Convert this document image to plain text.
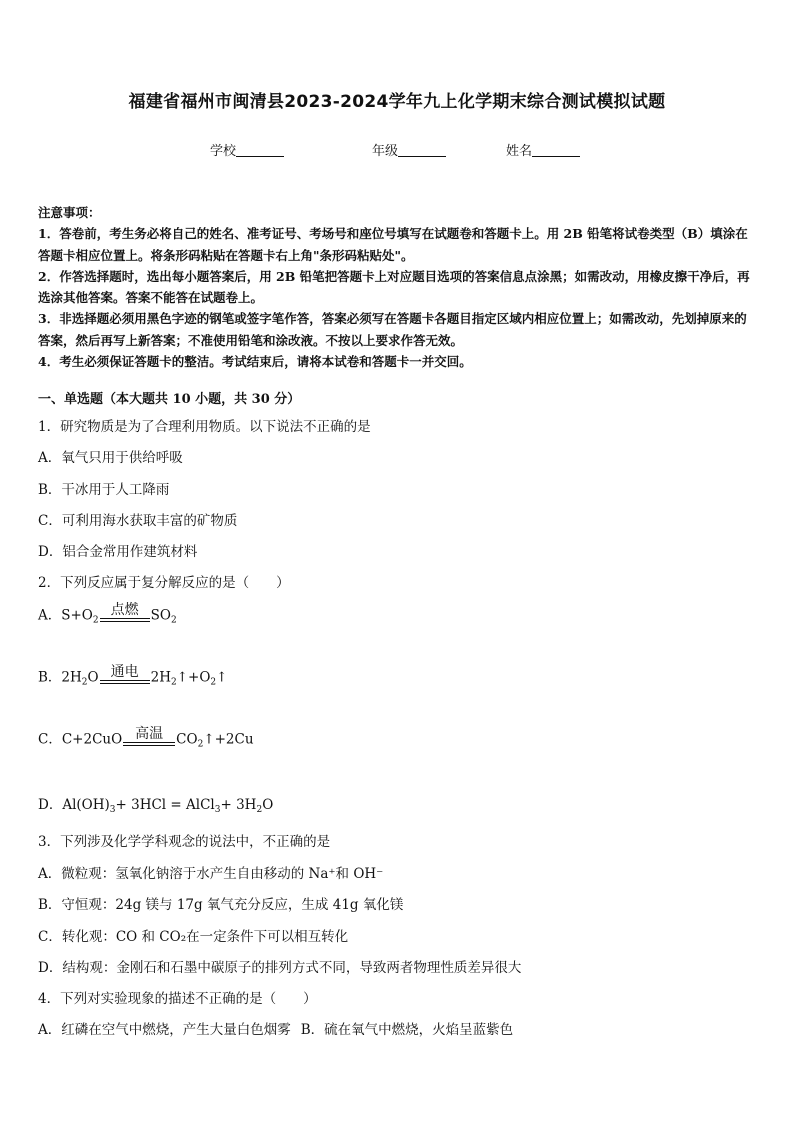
福建省福州市闽清县2023-2024学年九上化学期末综合测试模拟试题
学校	年级	姓名

注意事项：

1．答卷前，考生务必将自己的姓名、准考证号、考场号和座位号填写在试题卷和答题卡上。用 2B 铅笔将试卷类型（B）填涂在答题卡相应位置上。将条形码粘贴在答题卡右上角"条形码粘贴处"。

2．作答选择题时，选出每小题答案后，用 2B 铅笔把答题卡上对应题目选项的答案信息点涂黑；如需改动，用橡皮擦干净后，再选涂其他答案。答案不能答在试题卷上。

3．非选择题必须用黑色字迹的钢笔或签字笔作答，答案必须写在答题卡各题目指定区域内相应位置上；如需改动，先划掉原来的答案，然后再写上新答案；不准使用铅笔和涂改液。不按以上要求作答无效。

4．考生必须保证答题卡的整洁。考试结束后，请将本试卷和答题卡一并交回。

一、单选题（本大题共 10 小题，共 30 分）
1．研究物质是为了合理利用物质。以下说法不正确的是
A．氧气只用于供给呼吸
B．干冰用于人工降雨
C．可利用海水获取丰富的矿物质
D．铝合金常用作建筑材料
2．下列反应属于复分解反应的是（　　）
A．$S+O_2$
点燃 $SO_2$
B．$2H_2O$ 通电 $2H_2↑+O_2↑$
C．C+2CuO 高温 $CO_2↑+2Cu$
D．$Al(OH)_3+ 3HCl$ = AlCl$_3$+ $3H_2O$
3．下列涉及化学学科观念的说法中，不正确的是
A．微粒观：氢氧化钠溶于水产生自由移动的 Na⁺和 OH⁻
B．守恒观：24g 镁与 17g 氧气充分反应，生成 41g 氧化镁
C．转化观：CO 和 CO₂在一定条件下可以相互转化
D．结构观：金刚石和石墨中碳原子的排列方式不同，导致两者物理性质差异很大
4．下列对实验现象的描述不正确的是（　　）
A．红磷在空气中燃烧，产生大量白色烟雾 B．硫在氧气中燃烧，火焰呈蓝紫色
